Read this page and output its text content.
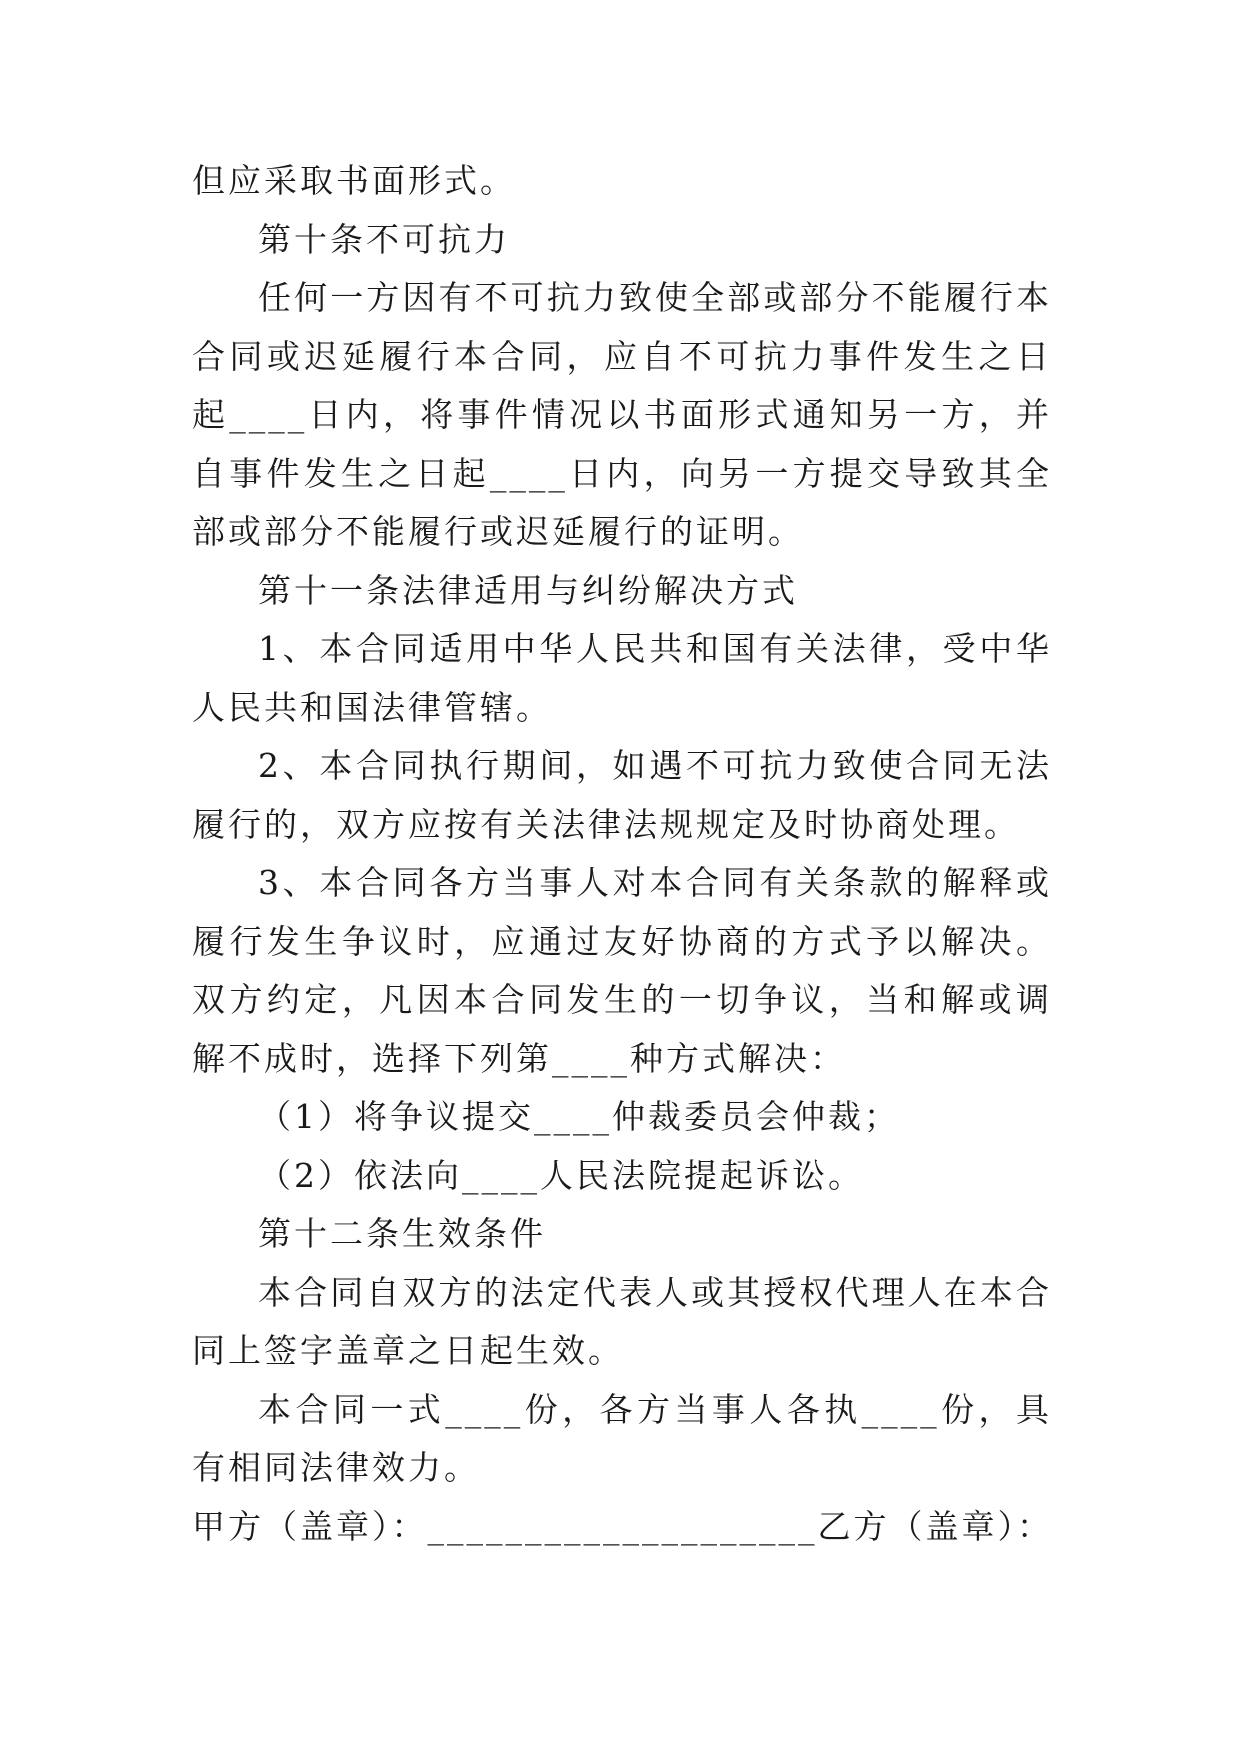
但应采取书面形式。

第十条不可抗力

任何一方因有不可抗力致使全部或部分不能履行本合同或迟延履行本合同，应自不可抗力事件发生之日起____日内，将事件情况以书面形式通知另一方，并自事件发生之日起____日内，向另一方提交导致其全部或部分不能履行或迟延履行的证明。

第十一条法律适用与纠纷解决方式

1、本合同适用中华人民共和国有关法律，受中华人民共和国法律管辖。

2、本合同执行期间，如遇不可抗力致使合同无法履行的，双方应按有关法律法规规定及时协商处理。

3、本合同各方当事人对本合同有关条款的解释或履行发生争议时，应通过友好协商的方式予以解决。双方约定，凡因本合同发生的一切争议，当和解或调解不成时，选择下列第____种方式解决：

（1）将争议提交____仲裁委员会仲裁；

（2）依法向____人民法院提起诉讼。

第十二条生效条件

本合同自双方的法定代表人或其授权代理人在本合同上签字盖章之日起生效。

本合同一式____份，各方当事人各执____份，具有相同法律效力。

甲方（盖章）：____________________乙方（盖章）：
